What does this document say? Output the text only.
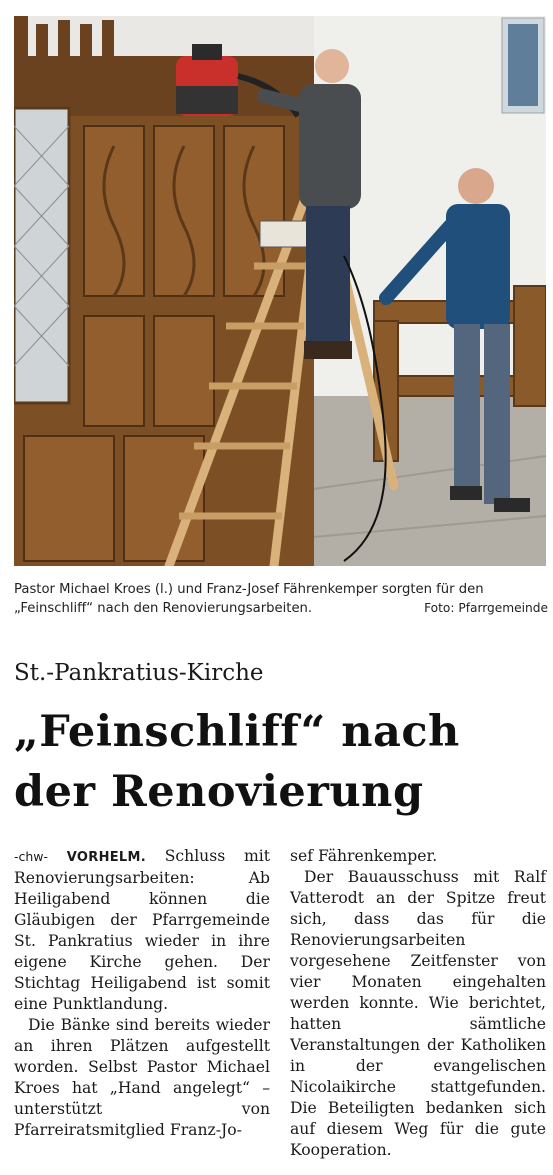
Pastor Michael Kroes (l.) und Franz-Josef Fährenkemper sorgten für den „Feinschliff“ nach den Renovierungsarbeiten.	Foto: Pfarrgemeinde
St.-Pankratius-Kirche
„Feinschliff“ nach der Renovierung

-chw- VORHELM. Schluss mit Renovierungsarbeiten: Ab Heiligabend können die Gläubigen der Pfarrgemeinde St. Pankratius wieder in ihre eigene Kirche gehen. Der Stichtag Heiligabend ist somit eine Punktlandung.

Die Bänke sind bereits wieder an ihren Plätzen aufgestellt worden. Selbst Pastor Michael Kroes hat „Hand angelegt“ – unterstützt von Pfarreiratsmitglied Franz-Jo-

sef Fährenkemper.

Der Bauausschuss mit Ralf Vatterodt an der Spitze freut sich, dass das für die Renovierungsarbeiten vorgesehene Zeitfenster von vier Monaten eingehalten werden konnte. Wie berichtet, hatten sämtliche Veranstaltungen der Katholiken in der evangelischen Nicolaikirche stattgefunden. Die Beteiligten bedanken sich auf diesem Weg für die gute Kooperation.
